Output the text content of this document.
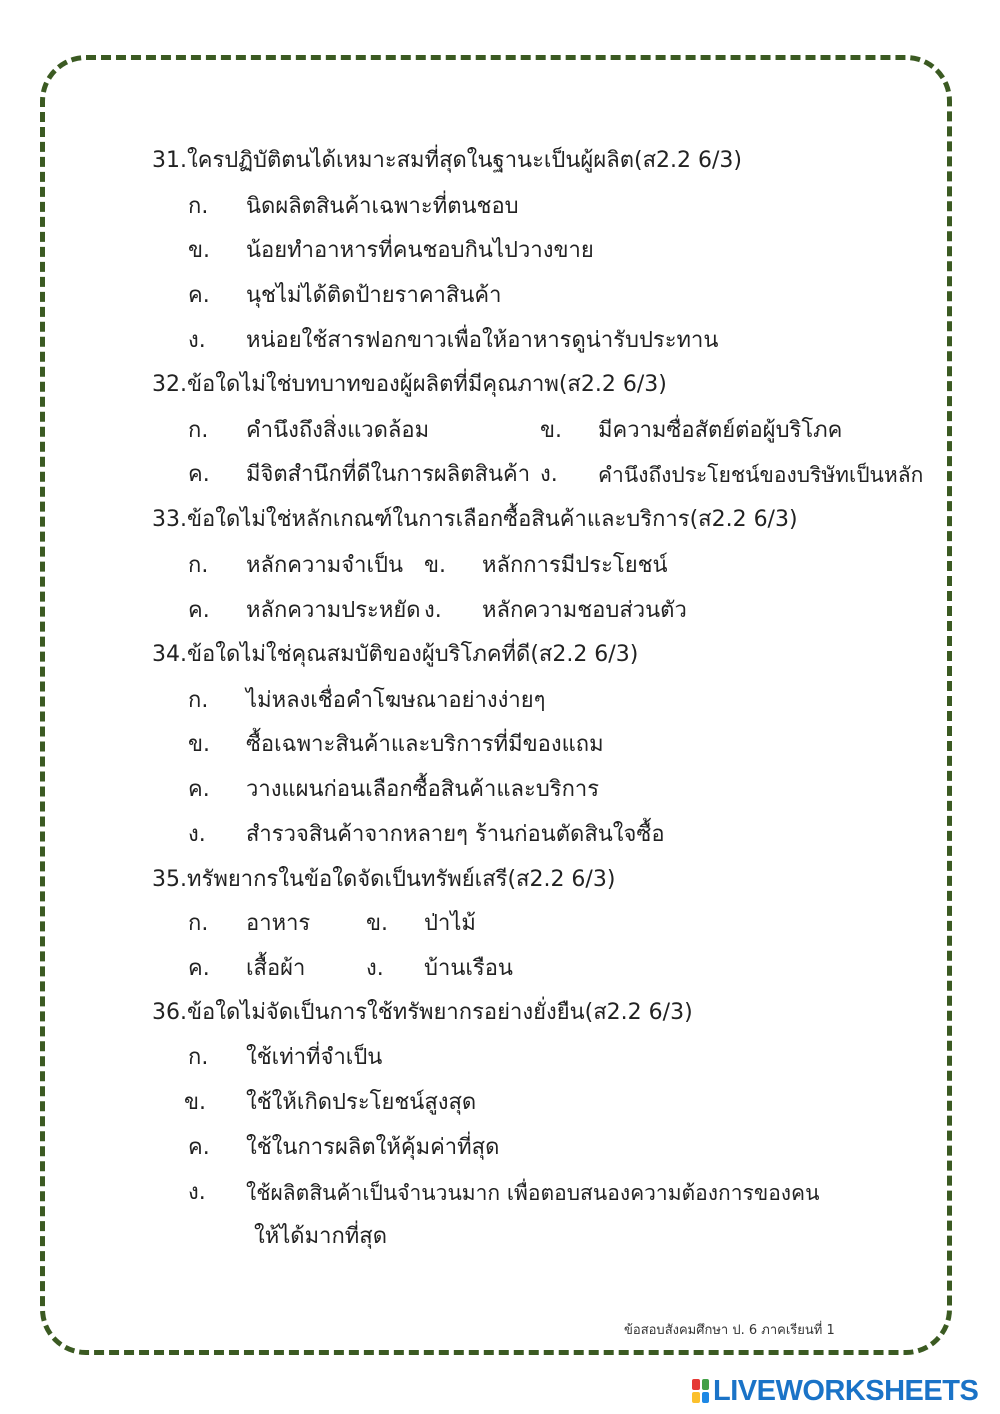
31.ใครปฏิบัติตนได้เหมาะสมที่สุดในฐานะเป็นผู้ผลิต(ส2.2 6/3)
ก. นิดผลิตสินค้าเฉพาะที่ตนชอบ
ข. น้อยทำอาหารที่คนชอบกินไปวางขาย
ค. นุชไม่ได้ติดป้ายราคาสินค้า
ง. หน่อยใช้สารฟอกขาวเพื่อให้อาหารดูน่ารับประทาน
32.ข้อใดไม่ใช่บทบาทของผู้ผลิตที่มีคุณภาพ(ส2.2 6/3)
ก. คำนึงถึงสิ่งแวดล้อม	ข. มีความซื่อสัตย์ต่อผู้บริโภค
ค. มีจิตสำนึกที่ดีในการผลิตสินค้า ง. คำนึงถึงประโยชน์ของบริษัทเป็นหลัก
33.ข้อใดไม่ใช่หลักเกณฑ์ในการเลือกซื้อสินค้าและบริการ(ส2.2 6/3)
ก. หลักความจำเป็น ข. หลักการมีประโยชน์
ค. หลักความประหยัด ง. หลักความชอบส่วนตัว
34.ข้อใดไม่ใช่คุณสมบัติของผู้บริโภคที่ดี(ส2.2 6/3)
ก. ไม่หลงเชื่อคำโฆษณาอย่างง่ายๆ
ข. ซื้อเฉพาะสินค้าและบริการที่มีของแถม
ค. วางแผนก่อนเลือกซื้อสินค้าและบริการ
ง. สำรวจสินค้าจากหลายๆ ร้านก่อนตัดสินใจซื้อ
35.ทรัพยากรในข้อใดจัดเป็นทรัพย์เสรี(ส2.2 6/3)
ก. อาหาร	ข. ป่าไม้
ค. เสื้อผ้า	ง. บ้านเรือน
36.ข้อใดไม่จัดเป็นการใช้ทรัพยากรอย่างยั่งยืน(ส2.2 6/3)
ก. ใช้เท่าที่จำเป็น
ข. ใช้ให้เกิดประโยชน์สูงสุด
ค. ใช้ในการผลิตให้คุ้มค่าที่สุด
ง. ใช้ผลิตสินค้าเป็นจำนวนมาก เพื่อตอบสนองความต้องการของคน
ให้ได้มากที่สุด
ข้อสอบสังคมศึกษา ป. 6 ภาคเรียนที่ 1
LIVEWORKSHEETS
